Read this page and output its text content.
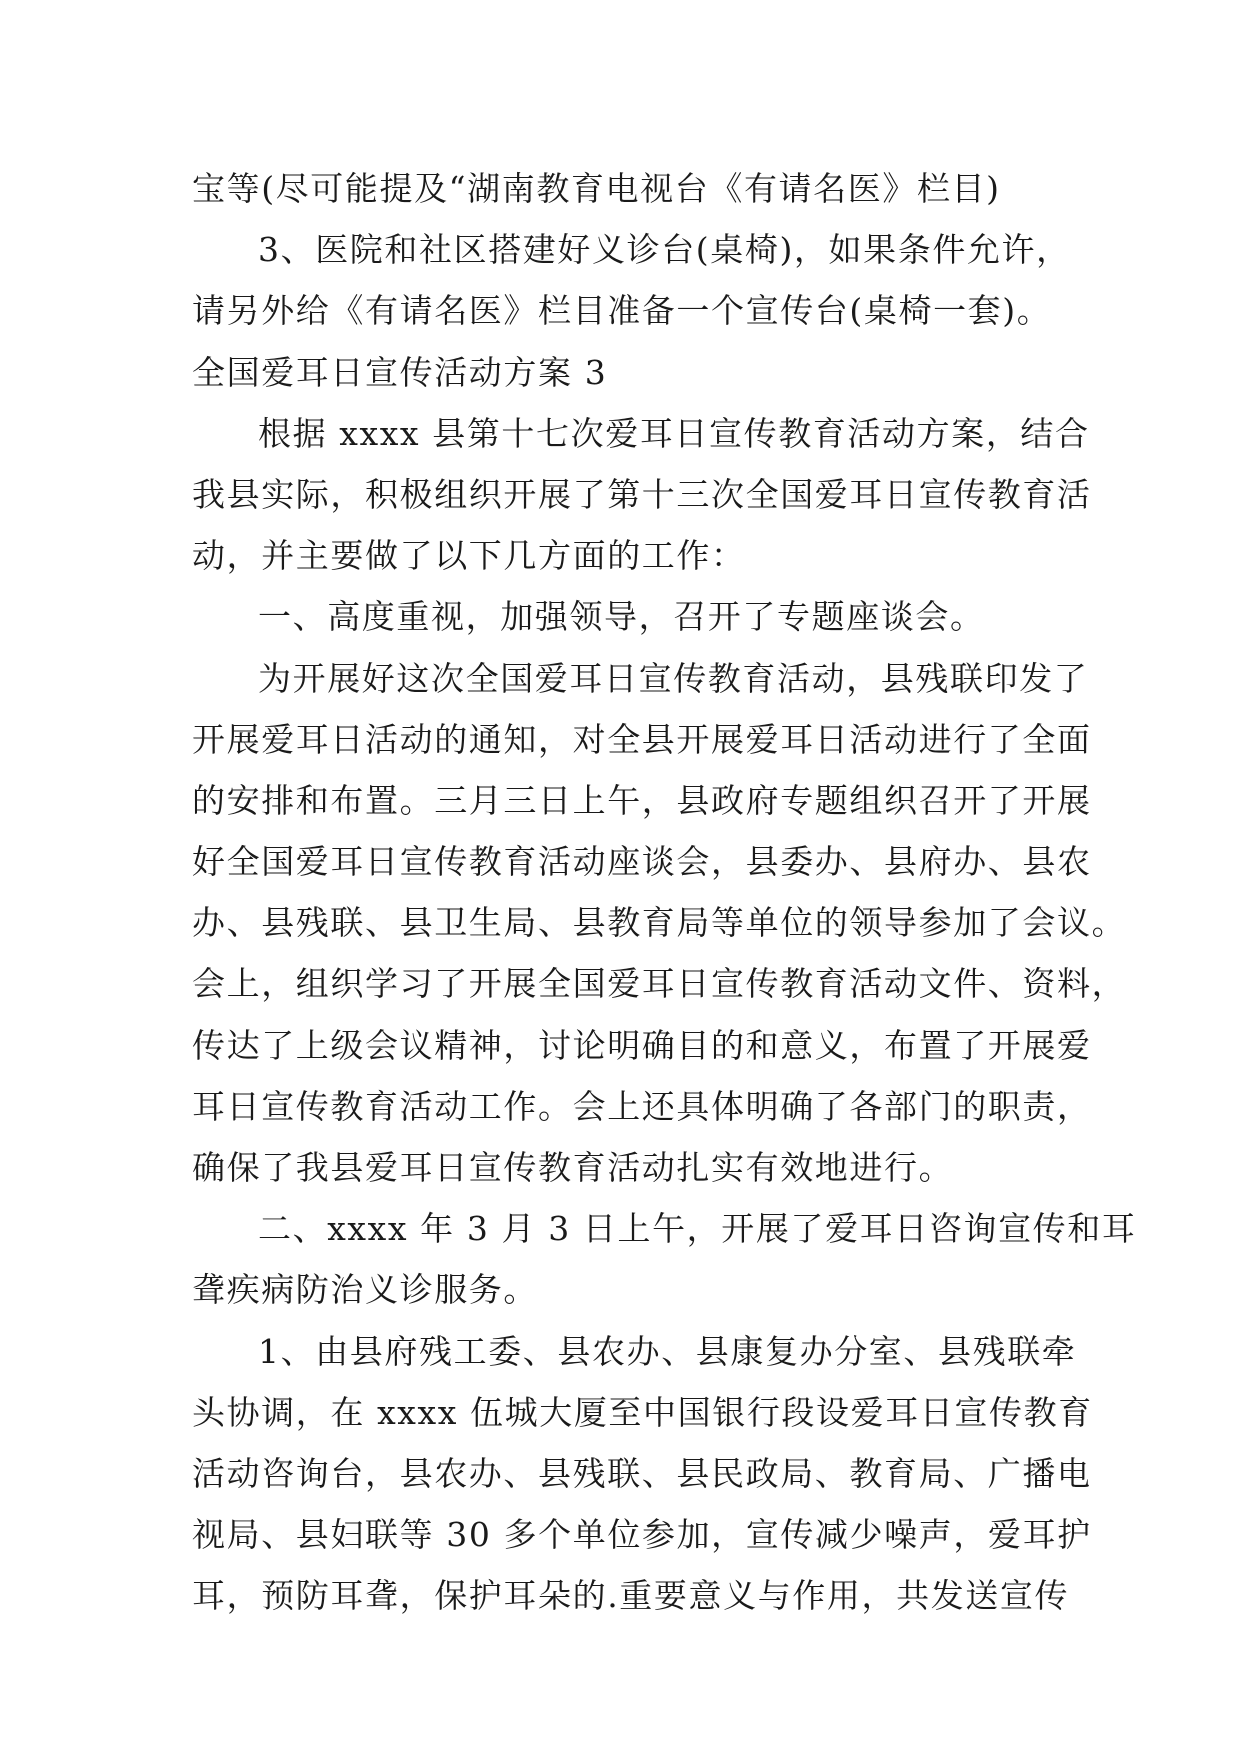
宝等(尽可能提及“湖南教育电视台《有请名医》栏目)
3、医院和社区搭建好义诊台(桌椅)，如果条件允许，
请另外给《有请名医》栏目准备一个宣传台(桌椅一套)。
全国爱耳日宣传活动方案 3
根据 xxxx 县第十七次爱耳日宣传教育活动方案，结合
我县实际，积极组织开展了第十三次全国爱耳日宣传教育活
动，并主要做了以下几方面的工作：
一、高度重视，加强领导，召开了专题座谈会。
为开展好这次全国爱耳日宣传教育活动，县残联印发了
开展爱耳日活动的通知，对全县开展爱耳日活动进行了全面
的安排和布置。三月三日上午，县政府专题组织召开了开展
好全国爱耳日宣传教育活动座谈会，县委办、县府办、县农
办、县残联、县卫生局、县教育局等单位的领导参加了会议。
会上，组织学习了开展全国爱耳日宣传教育活动文件、资料，
传达了上级会议精神，讨论明确目的和意义，布置了开展爱
耳日宣传教育活动工作。会上还具体明确了各部门的职责，
确保了我县爱耳日宣传教育活动扎实有效地进行。
二、xxxx 年 3 月 3 日上午，开展了爱耳日咨询宣传和耳
聋疾病防治义诊服务。
1、由县府残工委、县农办、县康复办分室、县残联牵
头协调，在 xxxx 伍城大厦至中国银行段设爱耳日宣传教育
活动咨询台，县农办、县残联、县民政局、教育局、广播电
视局、县妇联等 30 多个单位参加，宣传减少噪声，爱耳护
耳，预防耳聋，保护耳朵的.重要意义与作用，共发送宣传
